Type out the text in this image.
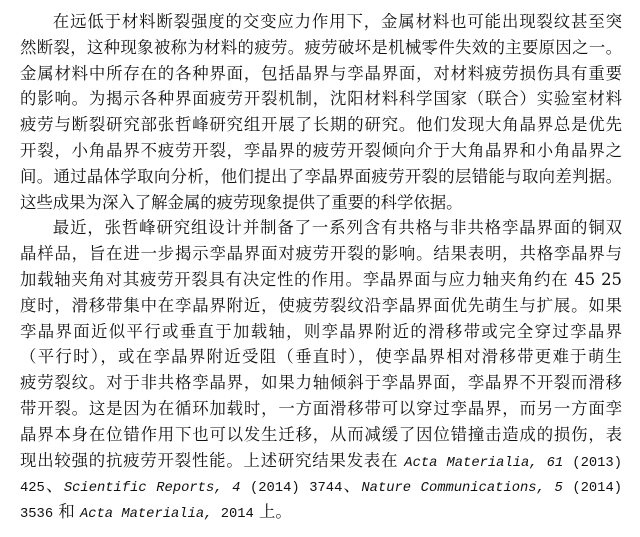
在远低于材料断裂强度的交变应力作用下，金属材料也可能出现裂纹甚至突
然断裂，这种现象被称为材料的疲劳。疲劳破坏是机械零件失效的主要原因之一。
金属材料中所存在的各种界面，包括晶界与孪晶界面，对材料疲劳损伤具有重要
的影响。为揭示各种界面疲劳开裂机制，沈阳材料科学国家（联合）实验室材料
疲劳与断裂研究部张哲峰研究组开展了长期的研究。他们发现大角晶界总是优先
开裂，小角晶界不疲劳开裂，孪晶界的疲劳开裂倾向介于大角晶界和小角晶界之
间。通过晶体学取向分析，他们提出了孪晶界面疲劳开裂的层错能与取向差判据。
这些成果为深入了解金属的疲劳现象提供了重要的科学依据。
最近，张哲峰研究组设计并制备了一系列含有共格与非共格孪晶界面的铜双
晶样品，旨在进一步揭示孪晶界面对疲劳开裂的影响。结果表明，共格孪晶界与
加载轴夹角对其疲劳开裂具有决定性的作用。孪晶界面与应力轴夹角约在 45 25
度时，滑移带集中在孪晶界附近，使疲劳裂纹沿孪晶界面优先萌生与扩展。如果
孪晶界面近似平行或垂直于加载轴，则孪晶界附近的滑移带或完全穿过孪晶界
（平行时），或在孪晶界附近受阻（垂直时），使孪晶界相对滑移带更难于萌生
疲劳裂纹。对于非共格孪晶界，如果力轴倾斜于孪晶界面，孪晶界不开裂而滑移
带开裂。这是因为在循环加载时，一方面滑移带可以穿过孪晶界，而另一方面孪
晶界本身在位错作用下也可以发生迁移，从而减缓了因位错撞击造成的损伤，表
现出较强的抗疲劳开裂性能。上述研究结果发表在 Acta Materialia, 61 (2013)
425、Scientific Reports, 4 (2014) 3744、Nature Communications, 5 (2014)
3536 和 Acta Materialia, 2014 上。
